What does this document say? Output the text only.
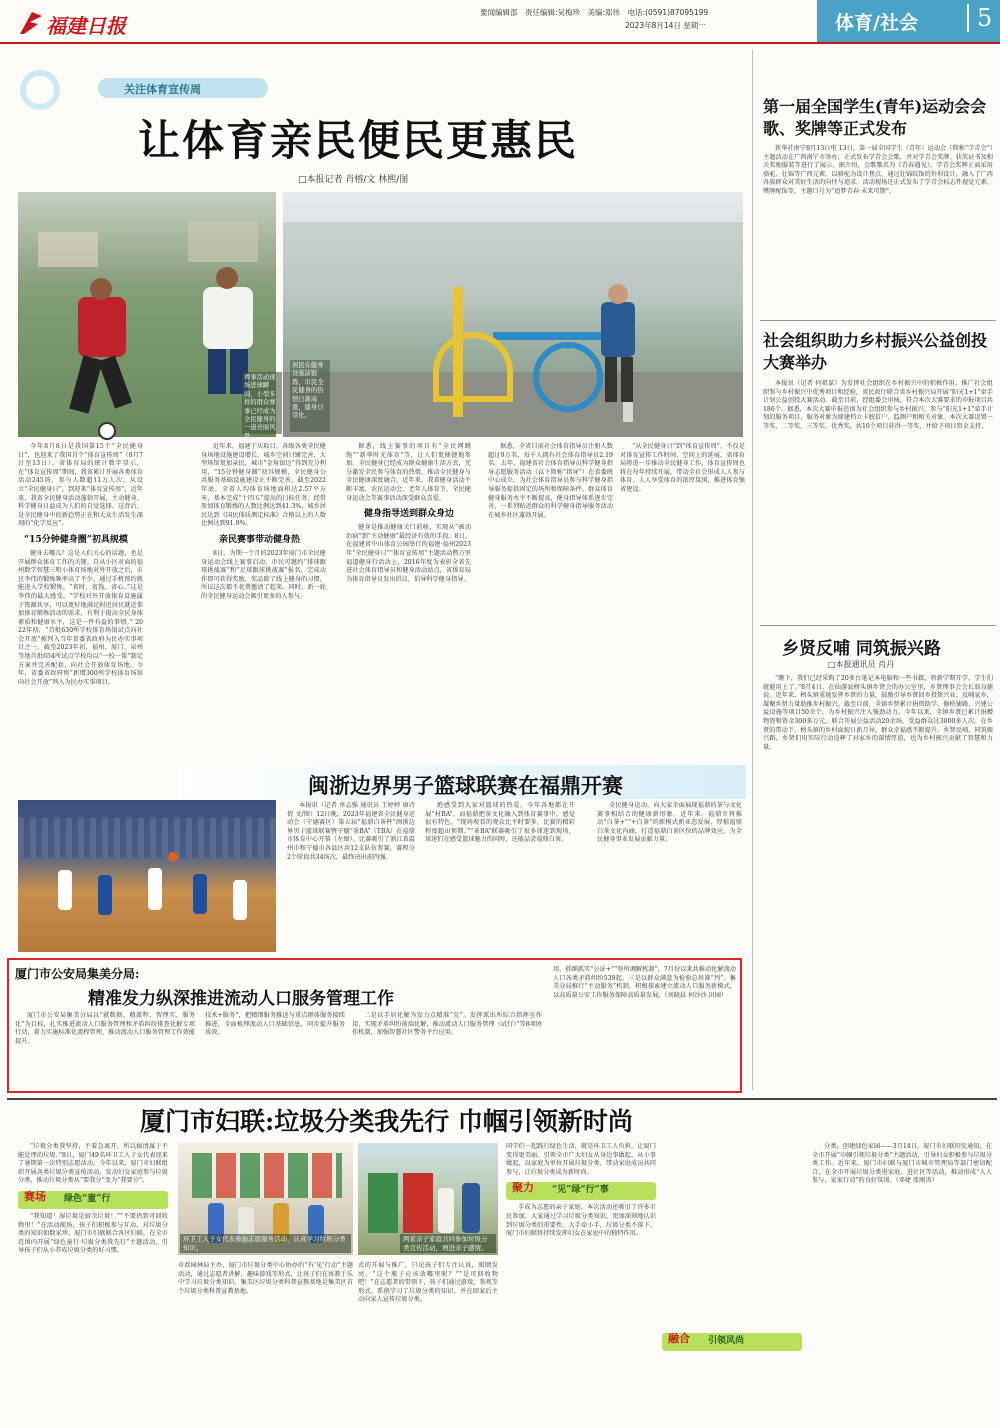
福建日报
要闻编辑部　责任编辑:吴梅珍　美编:郑伟　电话:(0591)87095199
2023年8月14日 星期一	体育/社会	5
关注体育宣传周
让体育亲民便民更惠民
□本报记者 肖榕/文 林熙/图
赛事活动现场进球瞬间，小型多样的群众赛事已经成为全民健身的一道亮丽风景。
居民在健身设施前锻炼，市民全民健身的热情日渐高涨，健身日常化。

今年8月8日是我国第15个“全民健身日”，也迎来了我国首个“体育宣传周”（8月7日至13日）。省体育局的统计数字显示，在“体育宣传周”期间，我省累计开展各类体育活动245场，参与人数超11万人次。从设立“全民健身日”，到迎来“体育宣传周”，近年来，我省全民健身活动蓬勃开展，主动健身、科学健身日益成为人们的自觉选择。这背后，是全民健身中的新趋势正在和大众生活发生深刻的“化学反应”。

“15分钟健身圈”初具规模

健身去哪儿？这是人们关心的话题，也是开展群众体育工作的关键。自从小区对面的福州数学智慧三明小体育场地对外开放之后，市民李伟的锻炼频率高了不少，通过手机预约就能进入学校锻炼。“省时、省钱、省心。”这是李伟的最大感受。“学校对外开放体育设施属于资源共享，可以更好地满足附近居民就近参加体育锻炼活动的需求，有利于提高全民身体素质和健康水平，这是一件有益的事情。” 2022年初，“首批630所学校体育场馆试点向社会开放”被列入当年省委省政府为民办实事项目之一。截至2023年初，福州、厦门、泉州等地首批654所试点学校均以“一校一策”制定方案并完善配套，向社会开放体育场地。今年，省委省政府将“新增300所学校体育场馆向社会开放”列入为民办实事项目。

近年来，福建于庆取目，各级各类全民健身场地设施建设增长，城乡空间日臻完善，大型场馆更加亲民，城市“金角银边”得到充分利用，“15分钟健身圈”初具规模，全民健身公共服务基础设施建设正不断完善。截至2022年底，全省人均体育场地面积达2.57平方米，基本完成“十四五”提出的目标任务，经常参加体育锻炼的人数比例达到41.3%，城乡居民达到《国民体质测定标准》合格以上的人数比例达到91.9%。

亲民赛事带动健身热

8日，为期一个月的2023年厦门市全民健身运动会线上赛事启动。市民可邀约“排球跟球挑战赛”和“足球跟球挑战赛”报名，完成动作即可获得奖励，奖品除了线上健身的习惯，所以这次都不花费邀请了起来。同时，新一轮的全民健身运动会吸引更多的人参与。

据悉，线上赛事的项目有“全民网跳绳”“新华时光体育”等，让人们更便捷地参加。全民健身已经成为群众健康生活方式，充分激发全民参与体育的热情，推动全民健身与全民健康深度融合。近年来，我省健身活动不断丰富，农民运动会、老年人体育节、全民健身运动会等赛事活动深受群众喜爱。

健身指导送到群众身边

健身是推动健康关口前移，实现从“被动治病”到“主动健康”最经济有效的手段。8日，在福建省中山体育公园举行的福建·福州2023年“全民健身日”“体育宣传周”主题活动暨万里福道健身行活动上，2016年度为表彰全省先进社会体育指导员和健身活动站点，省体育局为体育指导员发出倡议，倡导科学健身指导。

据悉，全省目前社会体育指导员注册人数超过9万名，每千人拥有社会体育指导员2.19名。去年，福建省社会体育指导员科学健身指导志愿服务活动（以下简称“指导”）在省委统中心成立，为社会体育指导员参与科学健身指导服务提供固定的场所和保障条件。群众体育健身服务水平不断提高，健身指导体系逐步完善，一系列贴近群众的科学健身指导服务活动在城乡社区蓬勃开展。

“从全民健身日”到“体育宣传周”，不仅是对体育宣传工作时间、空间上的延展，省体育局将进一步推动全民健身工作，体育宣传周也将在每年持续开展，带动全社会形成人人参与体育、人人享受体育的浓厚氛围，推进体育强省建设。

闽浙边界男子篮球联赛在福鼎开赛

本报讯（记者 单志强 通讯员 王婷婷 康诗倩 文/图）12日晚，2023年福建省全民健身运动会（宁德赛区）第五届“福鼎白茶杯”闽浙边界男子篮球联赛暨宁德“茶BA”（TBA）在福鼎市体育中心开幕（左图）。比赛吸引了浙江省温州市和宁德市各县区共12支队伍参赛，赛程分2个阶段共34场次，最终决出前四强。

绝感受到大家对篮球的热爱。今年各地都在开展“村BA”，而福鼎把茶文化融入到体育赛事中，感觉很有特色。“现场观看的观众比平时要多，比赛的精彩程度超出预期。”“茶BA”联赛吸引了很多球迷到现场，球迷们在感受篮球魅力的同时，还能品尝福鼎白茶。

全民健身运动，向大家全面展现福鼎的茶与文化赛事相结合的健康新形象。近年来，福鼎市将推动“白茶+”“+白茶”的新模式新业态发展，厚植福鼎白茶文化内涵，打造福鼎白茶区位的品牌效应，为全民健身事业发展贡献力量。

厦门市公安局集美分局:
精准发力纵深推进流动人口服务管理工作

厦门市公安局集美分局以“就数据、精流程、智理实、服务化”为目标，扎实推进流动人口服务管理和矛盾纠纷排查化解专项行动，着力实施标准化流程管理，推动流动人口服务管理工作效能提升。

技术+服务”，把精细服务推送与重点群体服务接续推进，全面梳理流动人口基础信息，同步提升服务质效。

二是以手眉化解为发力点精准“兑”。发挥派出所综合指挥室作用，实现矛盾纠纷前端化解，推动流动人口服务管理（试行）”等8项协作机制，加强智慧社区警务平台应用。

用、抓细抓实“公证+”“登所调解机制”，7月份以来共推动化解流动人口各类矛盾纠纷539起。三是以群众满意为检验总基准“判”。集美分局推行“主动服务”机制，积极探索建立流动人口服务新模式，以高质量公安工作服务保障高质量发展。（刘晓晨 何沙沙 田园）

第一届全国学生(青年)运动会会歌、奖牌等正式发布

新华社南宁8月13日电 13日，第一届全国学生（青年）运动会（简称“学青会”）主题活动在广西南宁市举办，正式发布学青会会歌，并对学青会奖牌、获奖证书及相关奖励服装等进行了展示。据介绍，会歌歌名为《青春遇见》，学青会奖牌正面采用骆驼、壮锦等广西元素，以骆驼为设计焦点，通过壮锦纹饰的外形设计，融入了广西各族群众对美好生活的向往与追求。活动现场还正式发布了学青会标志性视觉元素、獎牌配饰等，主题口号为“追梦青春·未来可期”。

社会组织助力乡村振兴公益创投大赛举办

本报讯（记者 何祖谋）为发挥社会组织在乡村振兴中的积极作用，推广社会组织参与乡村振兴中优秀项目和经验，省民政厅联合省乡村振兴局开展“阳光1+1”牵手计划公益创投大赛活动。截至目前，经组委会审核，符合本次大赛要求的申报项目共186个。据悉，本次大赛申报范围为社会组织参与乡村振兴、参与“阳光1+1”牵手计划的服务项目，服务对象为原建档立卡脱贫户、监测户和相关对象。本次大赛设置一等奖、二等奖、三等奖、优秀奖，共10个项目获得一等奖，并给予项目资金支持。

乡贤反哺 同筑振兴路
□本报通讯员 肖丹

“瞧下，我们已经采购了20多台笔记本电脑和一些书籍，将新学期开学，学生们就能用上了。”8月4日，在仙游县榜头镇乡贤会的办公室里，乡贤理事会会长翁良德说。近年来，榜头镇重视发挥乡贤的力量，鼓励引导乡贤回乡投资兴业、反哺家乡，凝聚乡贤力量助推乡村振兴。截至目前，全镇乡贤累计捐资助学、修桥铺路、兴建公益设施等项目50余个，为乡村振兴注入强劲动力。今年以来，全镇乡贤已累计捐赠物资和资金300多万元，联合开展公益活动20余场，受益群众达3000多人次。在乡贤的带动下，榜头镇的乡村面貌日新月异，群众幸福感不断提升。乡贤反哺，同筑振兴路，乡贤们用实际行动诠释了对家乡的深情厚谊，也为乡村振兴贡献了智慧和力量。

厦门市妇联:垃圾分类我先行 巾帼引领新时尚

“垃圾分类我坚持，不着急离开，所以搞清属于不能处理的垃圾。”8日，厦门49名环卫工人子女代表迎来了暑期第一次特别志愿活动。今年以来，厦门市妇联组织开展各类垃圾分类宣传活动，发动妇女家庭参与垃圾分类，推动垃圾分类从“要我分”变为“我要分”。

赛场 绿色“童”行

“我知道！湿垃圾是厨余垃圾！”“不要扔到可回收物里！”在活动现场，孩子们积极参与互动，对垃圾分类的知识如数家珍。厦门市妇联联合各区妇联，在全市范围内开展“绿色童行·垃圾分类我先行”主题活动，引导孩子们从小养成垃圾分类的好习惯。

环卫工人子女代表参加志愿服务活动，认真学习垃圾分类知识。
两家亲子家庭共同参加垃圾分类宣传活动，增进亲子感情。

市政园林局主办，厦门市垃圾分类中心协办的“有‘见’行动”主题活动，通过志愿者讲解、趣味游戏等形式，让孩子们在寓教于乐中学习垃圾分类知识。集美区垃圾分类科普宣教基地是集美区首个垃圾分类科普宣教基地。

式的开展与推广，只见孩子们专注认真，眼睛发亮。“这个瓶子应该放哪里呢？”“是可回收物吧！”在志愿者的带领下，孩子们通过游戏、参观等形式，系统学习了垃圾分类的知识，并在回家后主动向家人宣传垃圾分类。

同学们一起践行绿色生活，就是环卫工人负担，让厦门变得更美丽。引领全市广大妇女从身边事做起、从小事做起，以家庭为单位开展垃圾分类，带动家庭成员共同参与，让垃圾分类成为新时尚。

聚力 “见”绿“行”事

手成为志愿的亲子家庭。本次活动还吸引了许多市民参加，大家通过学习垃圾分类知识，更加深刻地认识到垃圾分类的重要性。大手牵小手，垃圾分类不落下。厦门市妇联将持续发挥妇女在家庭中的独特作用。

融合 引领风尚

分类，创建绿色家园——3月14日，厦门市妇联印发通知，在全市开展“巾帼引领垃圾分类”主题活动，引导妇女积极参与垃圾分类工作。近年来，厦门市妇联与厦门市城市管理局等部门密切配合，在全市开展垃圾分类进家庭、进社区等活动，推动形成“人人参与、家家行动”的良好氛围。（邓婕 张刚涛）
